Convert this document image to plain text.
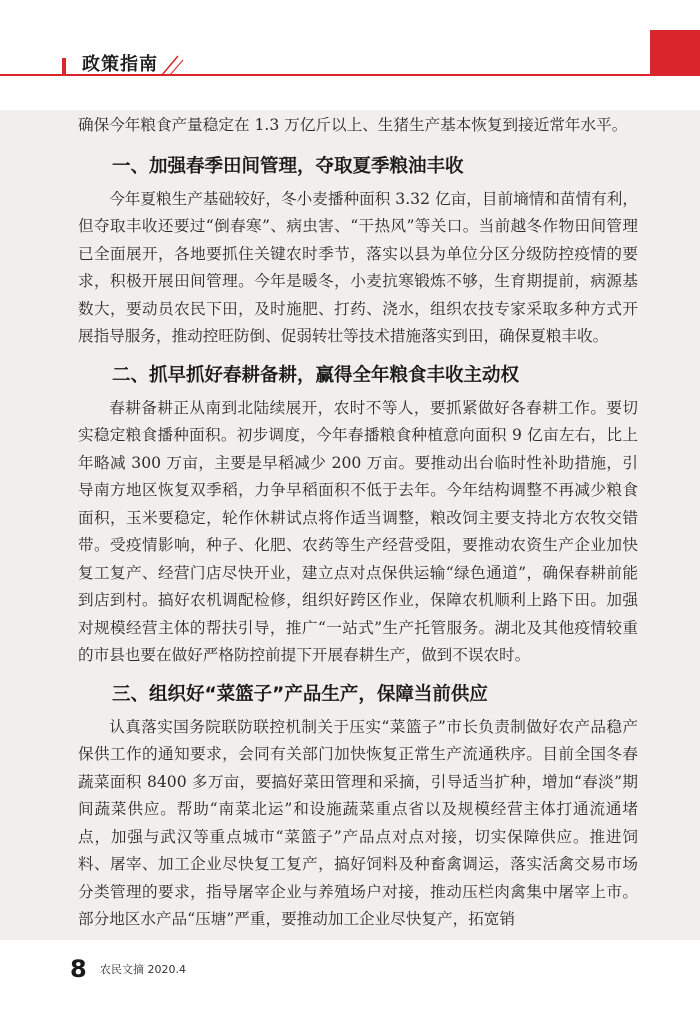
政策指南

确保今年粮食产量稳定在 1.3 万亿斤以上、生猪生产基本恢复到接近常年水平。

一、加强春季田间管理，夺取夏季粮油丰收

今年夏粮生产基础较好，冬小麦播种面积 3.32 亿亩，目前墒情和苗情有利，但夺取丰收还要过“倒春寒”、病虫害、“干热风”等关口。当前越冬作物田间管理已全面展开，各地要抓住关键农时季节，落实以县为单位分区分级防控疫情的要求，积极开展田间管理。今年是暖冬，小麦抗寒锻炼不够，生育期提前，病源基数大，要动员农民下田，及时施肥、打药、浇水，组织农技专家采取多种方式开展指导服务，推动控旺防倒、促弱转壮等技术措施落实到田，确保夏粮丰收。

二、抓早抓好春耕备耕，赢得全年粮食丰收主动权

春耕备耕正从南到北陆续展开，农时不等人，要抓紧做好各春耕工作。要切实稳定粮食播种面积。初步调度，今年春播粮食种植意向面积 9 亿亩左右，比上年略减 300 万亩，主要是早稻减少 200 万亩。要推动出台临时性补助措施，引导南方地区恢复双季稻，力争早稻面积不低于去年。今年结构调整不再减少粮食面积，玉米要稳定，轮作休耕试点将作适当调整，粮改饲主要支持北方农牧交错带。受疫情影响，种子、化肥、农药等生产经营受阻，要推动农资生产企业加快复工复产、经营门店尽快开业，建立点对点保供运输“绿色通道”，确保春耕前能到店到村。搞好农机调配检修，组织好跨区作业，保障农机顺利上路下田。加强对规模经营主体的帮扶引导，推广“一站式”生产托管服务。湖北及其他疫情较重的市县也要在做好严格防控前提下开展春耕生产，做到不误农时。

三、组织好“菜篮子”产品生产，保障当前供应

认真落实国务院联防联控机制关于压实“菜篮子”市长负责制做好农产品稳产保供工作的通知要求，会同有关部门加快恢复正常生产流通秩序。目前全国冬春蔬菜面积 8400 多万亩，要搞好菜田管理和采摘，引导适当扩种，增加“春淡”期间蔬菜供应。帮助“南菜北运”和设施蔬菜重点省以及规模经营主体打通流通堵点，加强与武汉等重点城市“菜篮子”产品点对点对接，切实保障供应。推进饲料、屠宰、加工企业尽快复工复产，搞好饲料及种畜禽调运，落实活禽交易市场分类管理的要求，指导屠宰企业与养殖场户对接，推动压栏肉禽集中屠宰上市。部分地区水产品“压塘”严重，要推动加工企业尽快复产，拓宽销

8 农民文摘 2020.4
